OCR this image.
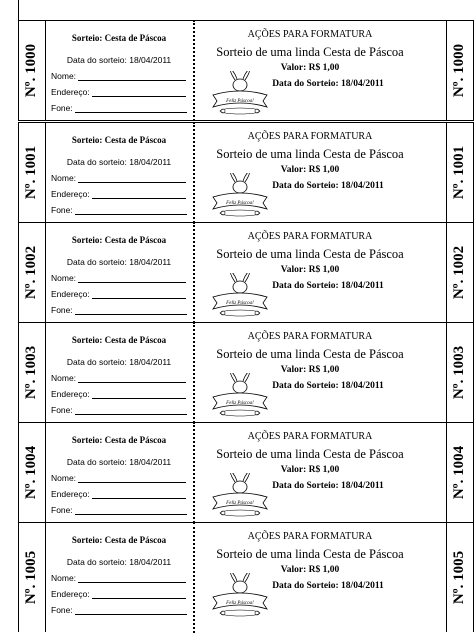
Nº. 1000
Sorteio: Cesta de Páscoa
Data do sorteio: 18/04/2011
Nome:
Endereço:
Fone:
AÇÕES PARA FORMATURA
Sorteio de uma linda Cesta de Páscoa
Valor: R$ 1,00
Data do Sorteio: 18/04/2011
Feliz Páscoa!
Nº. 1000
Nº. 1001
Sorteio: Cesta de Páscoa
Data do sorteio: 18/04/2011
Nome:
Endereço:
Fone:
AÇÕES PARA FORMATURA
Sorteio de uma linda Cesta de Páscoa
Valor: R$ 1,00
Data do Sorteio: 18/04/2011
Feliz Páscoa!
Nº. 1001
Nº. 1002
Sorteio: Cesta de Páscoa
Data do sorteio: 18/04/2011
Nome:
Endereço:
Fone:
AÇÕES PARA FORMATURA
Sorteio de uma linda Cesta de Páscoa
Valor: R$ 1,00
Data do Sorteio: 18/04/2011
Feliz Páscoa!
Nº. 1002
Nº. 1003
Sorteio: Cesta de Páscoa
Data do sorteio: 18/04/2011
Nome:
Endereço:
Fone:
AÇÕES PARA FORMATURA
Sorteio de uma linda Cesta de Páscoa
Valor: R$ 1,00
Data do Sorteio: 18/04/2011
Feliz Páscoa!
Nº. 1003
Nº. 1004
Sorteio: Cesta de Páscoa
Data do sorteio: 18/04/2011
Nome:
Endereço:
Fone:
AÇÕES PARA FORMATURA
Sorteio de uma linda Cesta de Páscoa
Valor: R$ 1,00
Data do Sorteio: 18/04/2011
Feliz Páscoa!
Nº. 1004
Nº. 1005
Sorteio: Cesta de Páscoa
Data do sorteio: 18/04/2011
Nome:
Endereço:
Fone:
AÇÕES PARA FORMATURA
Sorteio de uma linda Cesta de Páscoa
Valor: R$ 1,00
Data do Sorteio: 18/04/2011
Feliz Páscoa!	Nº. 1005
